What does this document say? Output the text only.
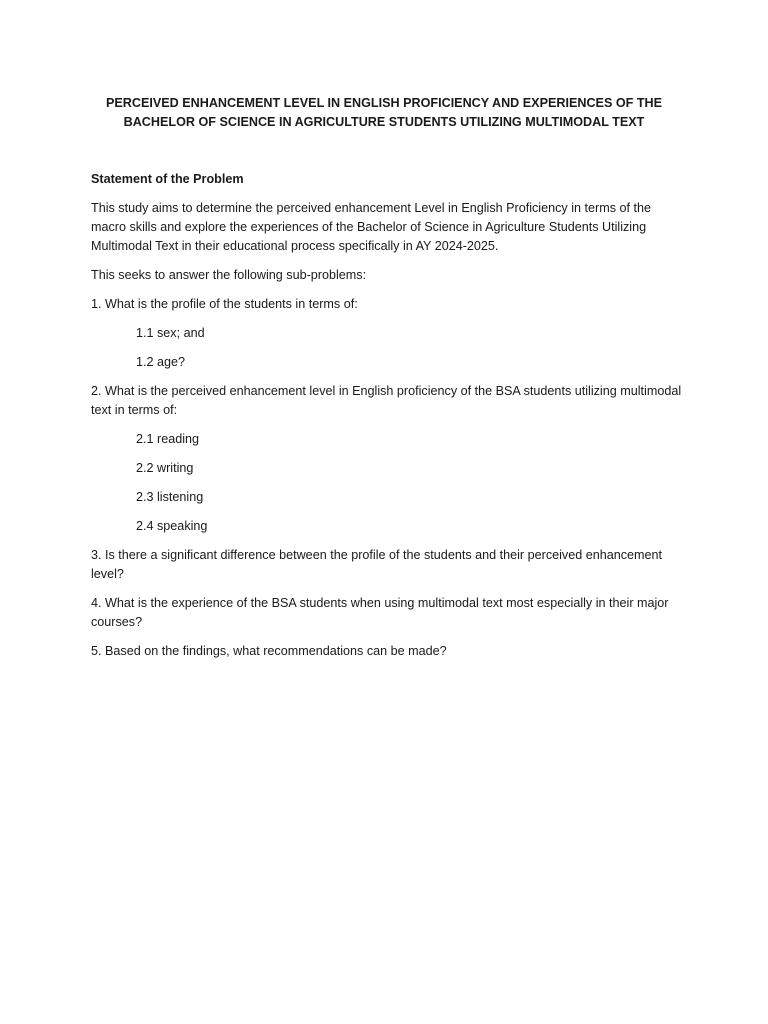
PERCEIVED ENHANCEMENT LEVEL IN ENGLISH PROFICIENCY AND EXPERIENCES OF THE BACHELOR OF SCIENCE IN AGRICULTURE STUDENTS UTILIZING MULTIMODAL TEXT

Statement of the Problem

This study aims to determine the perceived enhancement Level in English Proficiency in terms of the macro skills and explore the experiences of the Bachelor of Science in Agriculture Students Utilizing Multimodal Text in their educational process specifically in AY 2024-2025.

This seeks to answer the following sub-problems:

1. What is the profile of the students in terms of:

1.1 sex; and

1.2 age?

2. What is the perceived enhancement level in English proficiency of the BSA students utilizing multimodal text in terms of:

2.1 reading

2.2 writing

2.3 listening

2.4 speaking

3. Is there a significant difference between the profile of the students and their perceived enhancement level?

4. What is the experience of the BSA students when using multimodal text most especially in their major courses?

5. Based on the findings, what recommendations can be made?
